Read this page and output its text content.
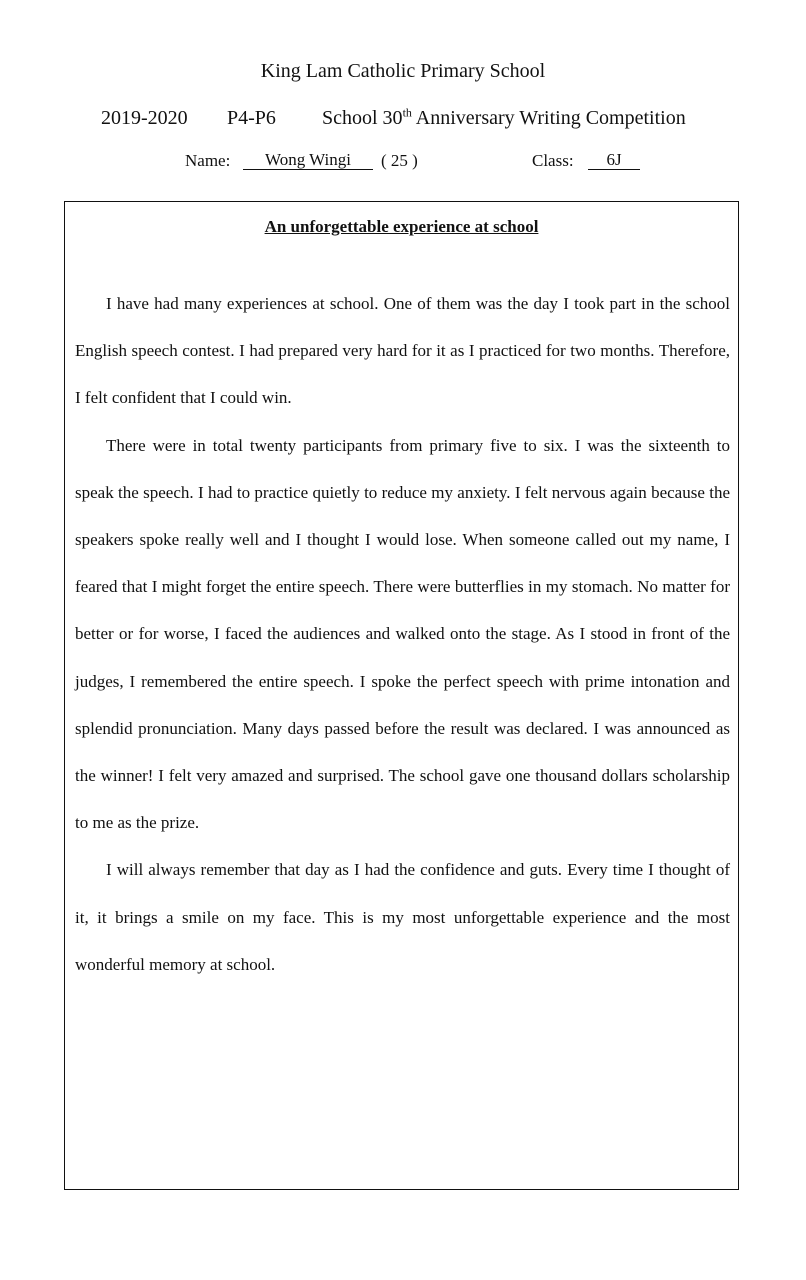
King Lam Catholic Primary School
2019-2020 P4-P6 School 30th Anniversary Writing Competition
Name:	Wong Wingi	( 25 )	Class:	6J
An unforgettable experience at school

I have had many experiences at school. One of them was the day I took part in the school English speech contest. I had prepared very hard for it as I practiced for two months. Therefore, I felt confident that I could win.

There were in total twenty participants from primary five to six. I was the sixteenth to speak the speech. I had to practice quietly to reduce my anxiety. I felt nervous again because the speakers spoke really well and I thought I would lose. When someone called out my name, I feared that I might forget the entire speech. There were butterflies in my stomach. No matter for better or for worse, I faced the audiences and walked onto the stage. As I stood in front of the judges, I remembered the entire speech. I spoke the perfect speech with prime intonation and splendid pronunciation. Many days passed before the result was declared. I was announced as the winner! I felt very amazed and surprised. The school gave one thousand dollars scholarship to me as the prize.

I will always remember that day as I had the confidence and guts. Every time I thought of it, it brings a smile on my face. This is my most unforgettable experience and the most wonderful memory at school.
